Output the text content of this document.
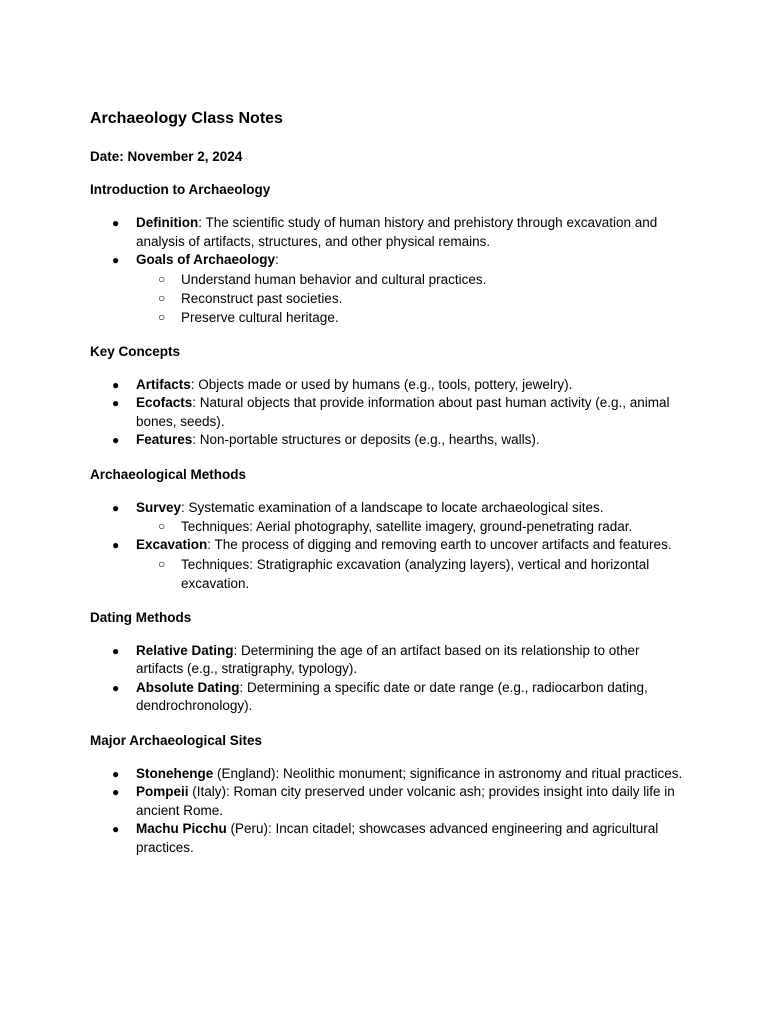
Archaeology Class Notes
Date: November 2, 2024
Introduction to Archaeology
● Definition: The scientific study of human history and prehistory through excavation and analysis of artifacts, structures, and other physical remains.
● Goals of Archaeology:
○ Understand human behavior and cultural practices.
○ Reconstruct past societies.
○ Preserve cultural heritage.
Key Concepts
● Artifacts: Objects made or used by humans (e.g., tools, pottery, jewelry).
● Ecofacts: Natural objects that provide information about past human activity (e.g., animal bones, seeds).
● Features: Non-portable structures or deposits (e.g., hearths, walls).
Archaeological Methods
● Survey: Systematic examination of a landscape to locate archaeological sites.
○ Techniques: Aerial photography, satellite imagery, ground-penetrating radar.
● Excavation: The process of digging and removing earth to uncover artifacts and features.
○ Techniques: Stratigraphic excavation (analyzing layers), vertical and horizontal excavation.
Dating Methods
● Relative Dating: Determining the age of an artifact based on its relationship to other artifacts (e.g., stratigraphy, typology).
● Absolute Dating: Determining a specific date or date range (e.g., radiocarbon dating, dendrochronology).
Major Archaeological Sites
● Stonehenge (England): Neolithic monument; significance in astronomy and ritual practices.
● Pompeii (Italy): Roman city preserved under volcanic ash; provides insight into daily life in ancient Rome.
● Machu Picchu (Peru): Incan citadel; showcases advanced engineering and agricultural practices.
